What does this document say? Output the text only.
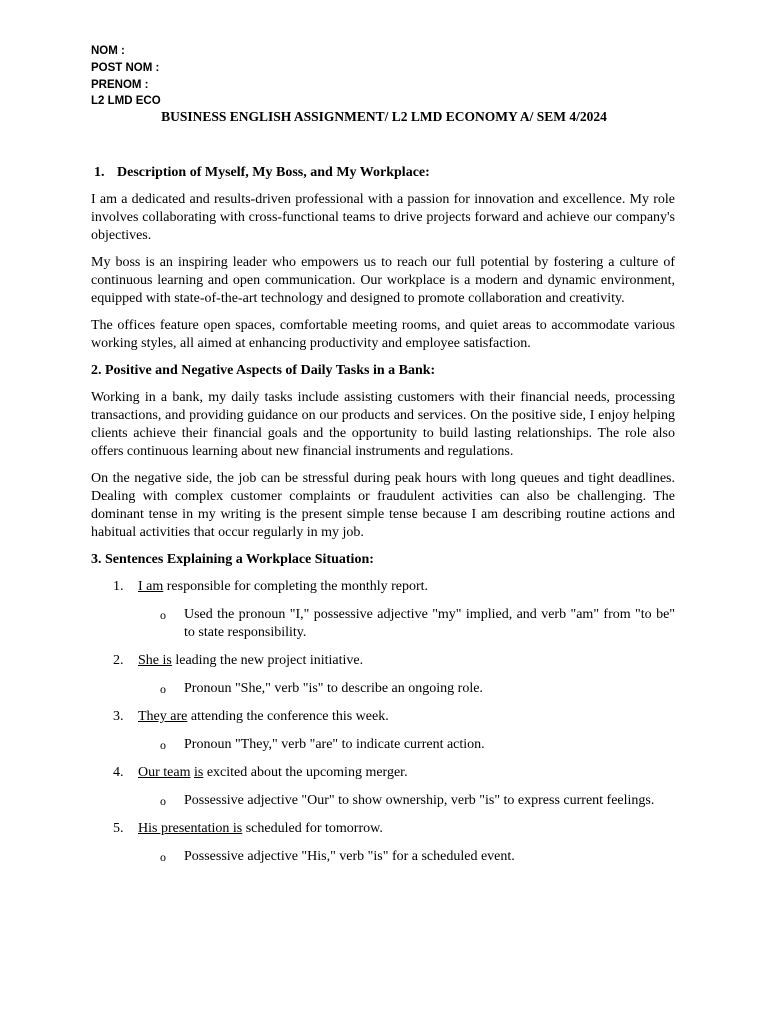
NOM :
POST NOM :
PRENOM :
L2 LMD ECO
BUSINESS ENGLISH ASSIGNMENT/ L2 LMD ECONOMY A/ SEM 4/2024
1. Description of Myself, My Boss, and My Workplace:

I am a dedicated and results-driven professional with a passion for innovation and excellence. My role involves collaborating with cross-functional teams to drive projects forward and achieve our company's objectives.

My boss is an inspiring leader who empowers us to reach our full potential by fostering a culture of continuous learning and open communication. Our workplace is a modern and dynamic environment, equipped with state-of-the-art technology and designed to promote collaboration and creativity.

The offices feature open spaces, comfortable meeting rooms, and quiet areas to accommodate various working styles, all aimed at enhancing productivity and employee satisfaction.

2. Positive and Negative Aspects of Daily Tasks in a Bank:

Working in a bank, my daily tasks include assisting customers with their financial needs, processing transactions, and providing guidance on our products and services. On the positive side, I enjoy helping clients achieve their financial goals and the opportunity to build lasting relationships. The role also offers continuous learning about new financial instruments and regulations.

On the negative side, the job can be stressful during peak hours with long queues and tight deadlines. Dealing with complex customer complaints or fraudulent activities can also be challenging. The dominant tense in my writing is the present simple tense because I am describing routine actions and habitual activities that occur regularly in my job.

3. Sentences Explaining a Workplace Situation:
1. I am responsible for completing the monthly report.
o Used the pronoun "I," possessive adjective "my" implied, and verb "am" from "to be" to state responsibility.
2. She is leading the new project initiative.
o Pronoun "She," verb "is" to describe an ongoing role.
3. They are attending the conference this week.
o Pronoun "They," verb "are" to indicate current action.
4. Our team is excited about the upcoming merger.
o Possessive adjective "Our" to show ownership, verb "is" to express current feelings.
5. His presentation is scheduled for tomorrow.
o Possessive adjective "His," verb "is" for a scheduled event.
